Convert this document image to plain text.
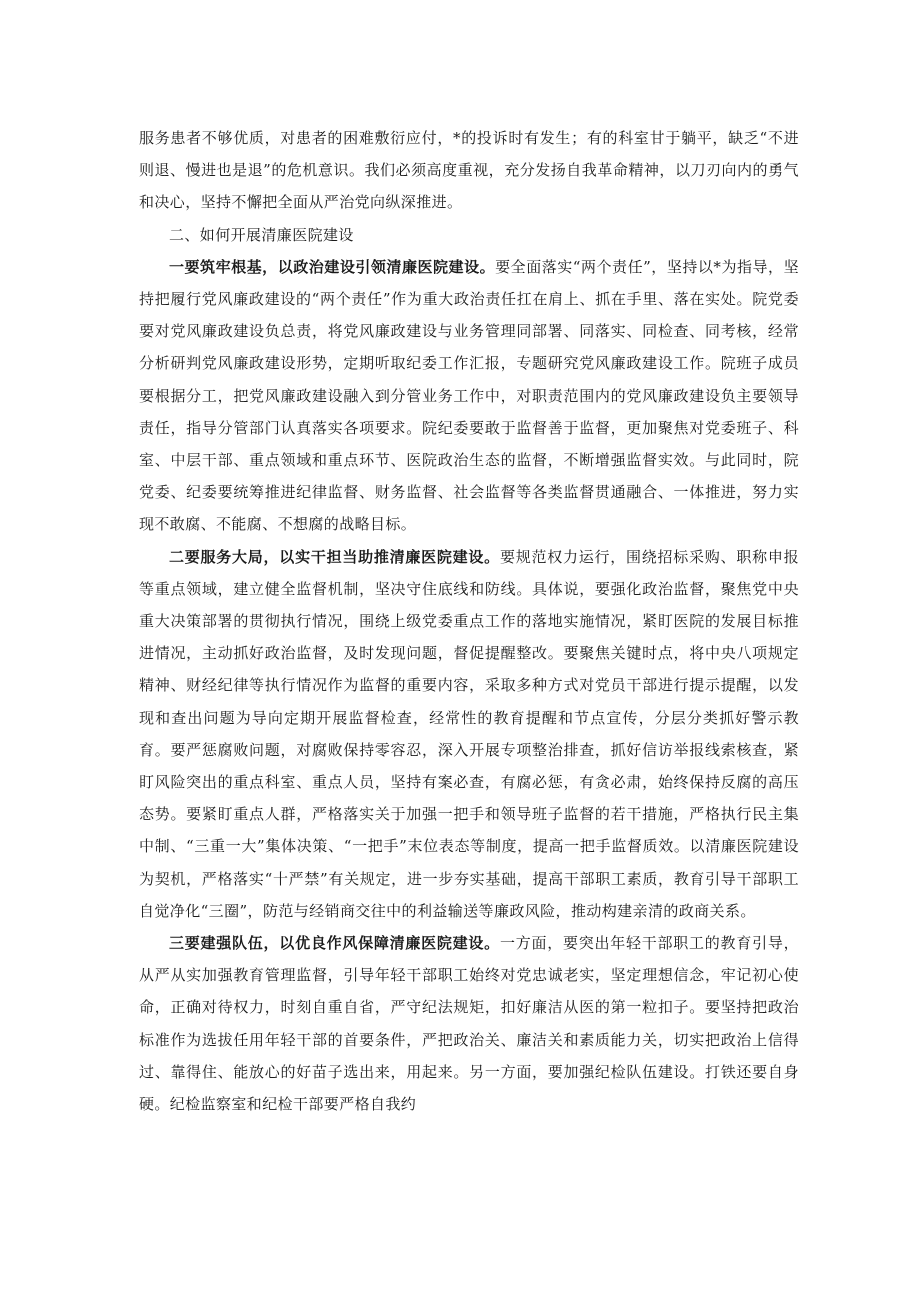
服务患者不够优质，对患者的困难敷衍应付，*的投诉时有发生；有的科室甘于躺平，缺乏“不进则退、慢进也是退”的危机意识。我们必须高度重视，充分发扬自我革命精神，以刀刃向内的勇气和决心，坚持不懈把全面从严治党向纵深推进。

二、如何开展清廉医院建设

一要筑牢根基，以政治建设引领清廉医院建设。要全面落实“两个责任”，坚持以*为指导，坚持把履行党风廉政建设的“两个责任”作为重大政治责任扛在肩上、抓在手里、落在实处。院党委要对党风廉政建设负总责，将党风廉政建设与业务管理同部署、同落实、同检查、同考核，经常分析研判党风廉政建设形势，定期听取纪委工作汇报，专题研究党风廉政建设工作。院班子成员要根据分工，把党风廉政建设融入到分管业务工作中，对职责范围内的党风廉政建设负主要领导责任，指导分管部门认真落实各项要求。院纪委要敢于监督善于监督，更加聚焦对党委班子、科室、中层干部、重点领域和重点环节、医院政治生态的监督，不断增强监督实效。与此同时，院党委、纪委要统筹推进纪律监督、财务监督、社会监督等各类监督贯通融合、一体推进，努力实现不敢腐、不能腐、不想腐的战略目标。

二要服务大局，以实干担当助推清廉医院建设。要规范权力运行，围绕招标采购、职称申报等重点领域，建立健全监督机制，坚决守住底线和防线。具体说，要强化政治监督，聚焦党中央重大决策部署的贯彻执行情况，围绕上级党委重点工作的落地实施情况，紧盯医院的发展目标推进情况，主动抓好政治监督，及时发现问题，督促提醒整改。要聚焦关键时点，将中央八项规定精神、财经纪律等执行情况作为监督的重要内容，采取多种方式对党员干部进行提示提醒，以发现和查出问题为导向定期开展监督检查，经常性的教育提醒和节点宣传，分层分类抓好警示教育。要严惩腐败问题，对腐败保持零容忍，深入开展专项整治排查，抓好信访举报线索核查，紧盯风险突出的重点科室、重点人员，坚持有案必查，有腐必惩，有贪必肃，始终保持反腐的高压态势。要紧盯重点人群，严格落实关于加强一把手和领导班子监督的若干措施，严格执行民主集中制、“三重一大”集体决策、“一把手”末位表态等制度，提高一把手监督质效。以清廉医院建设为契机，严格落实“十严禁”有关规定，进一步夯实基础，提高干部职工素质，教育引导干部职工自觉净化“三圈”，防范与经销商交往中的利益输送等廉政风险，推动构建亲清的政商关系。

三要建强队伍，以优良作风保障清廉医院建设。一方面，要突出年轻干部职工的教育引导，从严从实加强教育管理监督，引导年轻干部职工始终对党忠诚老实，坚定理想信念，牢记初心使命，正确对待权力，时刻自重自省，严守纪法规矩，扣好廉洁从医的第一粒扣子。要坚持把政治标准作为选拔任用年轻干部的首要条件，严把政治关、廉洁关和素质能力关，切实把政治上信得过、靠得住、能放心的好苗子选出来，用起来。另一方面，要加强纪检队伍建设。打铁还要自身硬。纪检监察室和纪检干部要严格自我约
